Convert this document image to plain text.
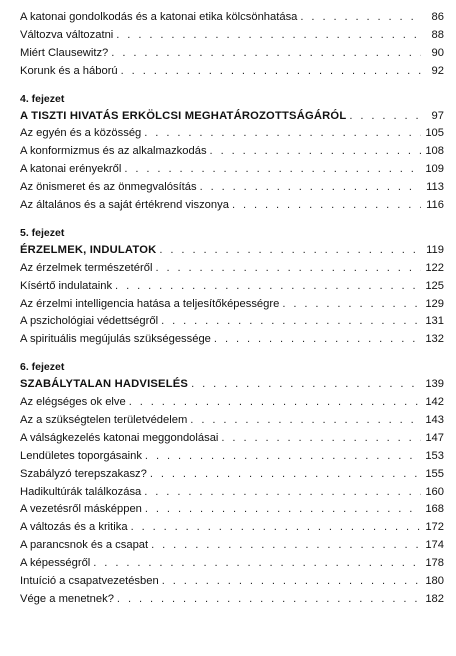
A katonai gondolkodás és a katonai etika kölcsönhatása . . .	86
Változva változatni . . .	88
Miért Clausewitz? . . .	90
Korunk és a háború . . .	92
4. fejezet
A TISZTI HIVATÁS ERKÖLCSI MEGHATÁROZOTTSÁGÁRÓL . . .	97
Az egyén és a közösség . . .	105
A konformizmus és az alkalmazkodás . . .	108
A katonai erényekről . . .	109
Az önismeret és az önmegvalósítás . . .	113
Az általános és a saját értékrend viszonya . . .	116
5. fejezet
ÉRZELMEK, INDULATOK . . .	119
Az érzelmek természetéről . . .	122
Kísértő indulataink . . .	125
Az érzelmi intelligencia hatása a teljesítőképességre . . .	129
A pszichológiai védettségről . . .	131
A spirituális megújulás szükségessége . . .	132
6. fejezet
SZABÁLYTALAN HADVISELÉS . . .	139
Az elégséges ok elve . . .	142
Az a szükségtelen területvédelem . . .	143
A válságkezelés katonai meggondolásai . . .	147
Lendületes toporgásaink . . .	153
Szabályzó terepszakasz? . . .	155
Hadikultúrák találkozása . . .	160
A vezetésről másképpen . . .	168
A változás és a kritika . . .	172
A parancsnok és a csapat . . .	174
A képességről . . .	178
Intuíció a csapatvezetésben . . .	180
Vége a menetnek? . . .	182
